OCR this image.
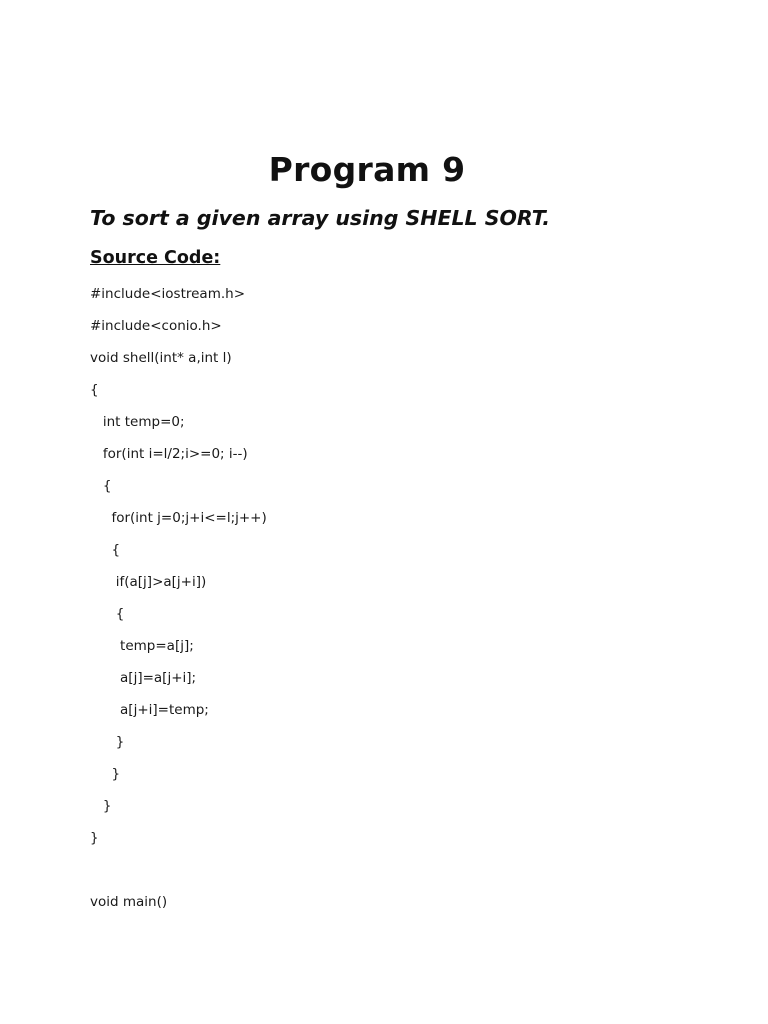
Program 9
To sort a given array using SHELL SORT.
Source Code:
#include<iostream.h>
#include<conio.h>
void shell(int* a,int l)
{
int temp=0;
for(int i=l/2;i>=0; i--)
{
for(int j=0;j+i<=l;j++)
{
if(a[j]>a[j+i])
{
temp=a[j];
a[j]=a[j+i];
a[j+i]=temp;
}
}
}
}
void main()
